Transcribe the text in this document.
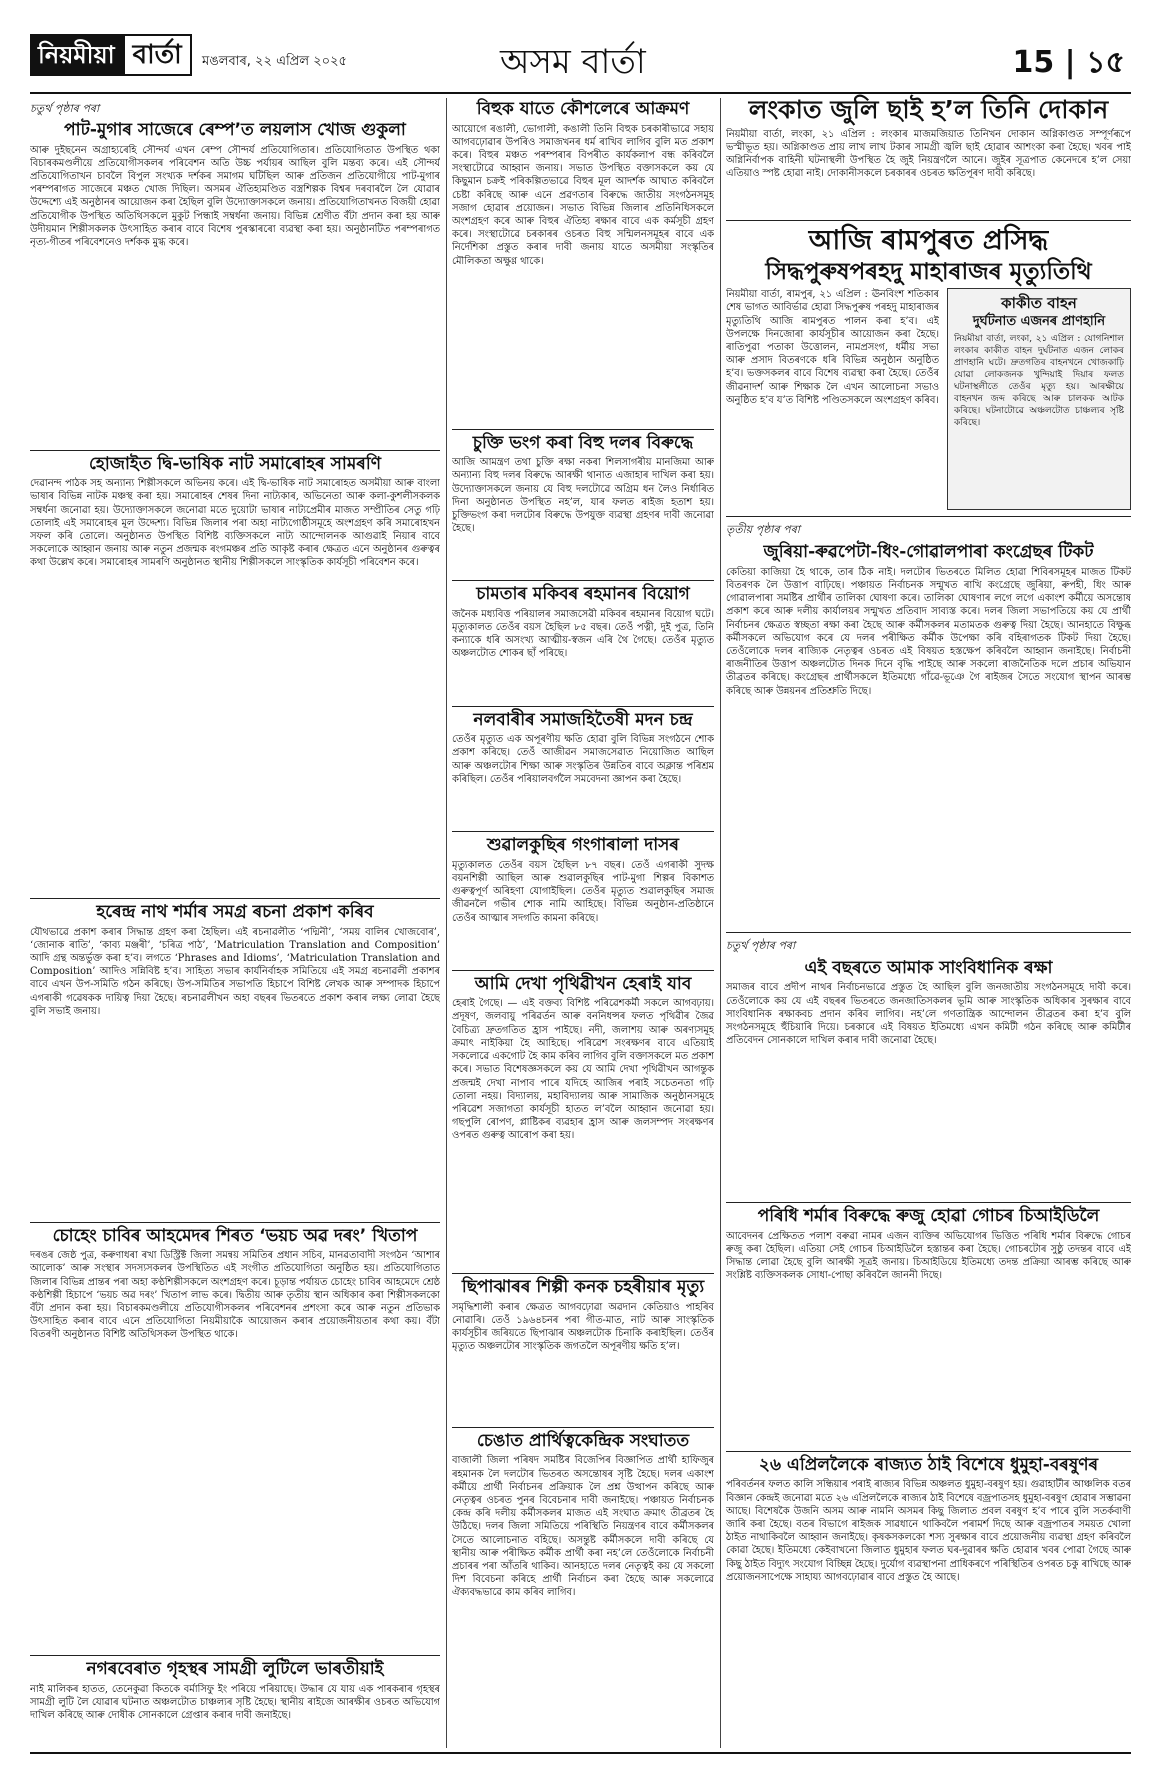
নিয়মীয়া বাৰ্তা	মঙলবাৰ, ২২ এপ্ৰিল ২০২৫	অসম বাৰ্তা	15 | ১৫
চতুৰ্থ পৃষ্ঠাৰ পৰা
পাট-মুগাৰ সাজেৰে ৰেম্প’ত লয়লাস খোজ গুকুলা
আৰু দুইছনেন অগ্ৰাহ্যৰেহি সৌন্দৰ্য এখন ৰেম্প সৌন্দৰ্য প্ৰতিযোগিতাৰ। প্ৰতিযোগিতাত উপস্থিত থকা বিচাৰকমণ্ডলীয়ে প্ৰতিযোগীসকলৰ পৰিবেশন অতি উচ্চ পৰ্যায়ৰ আছিল বুলি মন্তব্য কৰে। এই সৌন্দৰ্য প্ৰতিযোগিতাখন চাবলৈ বিপুল সংখ্যক দৰ্শকৰ সমাগম ঘটিছিল আৰু প্ৰতিজন প্ৰতিযোগীয়ে পাট-মুগাৰ পৰম্পৰাগত সাজেৰে মঞ্চত খোজ দিছিল। অসমৰ ঐতিহ্যমণ্ডিত বস্ত্ৰশিল্পক বিশ্বৰ দৰবাৰলৈ লৈ যোৱাৰ উদ্দেশ্যে এই অনুষ্ঠানৰ আয়োজন কৰা হৈছিল বুলি উদ্যোক্তাসকলে জনায়। প্ৰতিযোগিতাখনত বিজয়ী হোৱা প্ৰতিযোগীক উপস্থিত অতিথিসকলে মুকুট পিন্ধাই সম্বৰ্ধনা জনায়। বিভিন্ন শ্ৰেণীত বঁটা প্ৰদান কৰা হয় আৰু উদীয়মান শিল্পীসকলক উৎসাহিত কৰাৰ বাবে বিশেষ পুৰস্কাৰৰো ব্যৱস্থা কৰা হয়। অনুষ্ঠানটিত পৰম্পৰাগত নৃত্য-গীতৰ পৰিবেশনেও দৰ্শকক মুগ্ধ কৰে।
হোজাইত দ্বি-ভাষিক নাট সমাৰোহৰ সামৰণি
দেৱানন্দ পাঠক সহ অন্যান্য শিল্পীসকলে অভিনয় কৰে। এই দ্বি-ভাষিক নাট সমাৰোহত অসমীয়া আৰু বাংলা ভাষাৰ বিভিন্ন নাটক মঞ্চস্থ কৰা হয়। সমাৰোহৰ শেষৰ দিনা নাট্যকাৰ, অভিনেতা আৰু কলা-কুশলীসকলক সম্বৰ্ধনা জনোৱা হয়। উদ্যোক্তাসকলে জনোৱা মতে দুয়োটা ভাষাৰ নাট্যপ্ৰেমীৰ মাজত সম্প্ৰীতিৰ সেতু গঢ়ি তোলাই এই সমাৰোহৰ মূল উদ্দেশ্য। বিভিন্ন জিলাৰ পৰা অহা নাট্যগোষ্ঠীসমূহে অংশগ্ৰহণ কৰি সমাৰোহখন সফল কৰি তোলে। অনুষ্ঠানত উপস্থিত বিশিষ্ট ব্যক্তিসকলে নাট্য আন্দোলনক আগুৱাই নিয়াৰ বাবে সকলোকে আহ্বান জনায় আৰু নতুন প্ৰজন্মক ৰংগমঞ্চৰ প্ৰতি আকৃষ্ট কৰাৰ ক্ষেত্ৰত এনে অনুষ্ঠানৰ গুৰুত্বৰ কথা উল্লেখ কৰে। সমাৰোহৰ সামৰণি অনুষ্ঠানত স্থানীয় শিল্পীসকলে সাংস্কৃতিক কাৰ্যসূচী পৰিবেশন কৰে।
হৰেন্দ্ৰ নাথ শৰ্মাৰ সমগ্ৰ ৰচনা প্ৰকাশ কৰিব
যৌথভাৱে প্ৰকাশ কৰাৰ সিদ্ধান্ত গ্ৰহণ কৰা হৈছিল। এই ৰচনাৱলীত ‘পদ্মিনী’, ‘সময় বালিৰ খোজবোৰ’, ‘জোনাক ৰাতি’, ‘কাব্য মঞ্জৰী’, ‘চৰিত্ৰ পাঠ’, ‘Matriculation Translation and Composition’ আদি গ্ৰন্থ অন্তৰ্ভুক্ত কৰা হ’ব। লগতে ‘Phrases and Idioms’, ‘Matriculation Translation and Composition’ আদিও সন্নিবিষ্ট হ’ব। সাহিত্য সভাৰ কাৰ্যনিৰ্বাহক সমিতিয়ে এই সমগ্ৰ ৰচনাৱলী প্ৰকাশৰ বাবে এখন উপ-সমিতি গঠন কৰিছে। উপ-সমিতিৰ সভাপতি হিচাপে বিশিষ্ট লেখক আৰু সম্পাদক হিচাপে এগৰাকী গৱেষকক দায়িত্ব দিয়া হৈছে। ৰচনাৱলীখন অহা বছৰৰ ভিতৰতে প্ৰকাশ কৰাৰ লক্ষ্য লোৱা হৈছে বুলি সভাই জনায়।
চোহেং চাবিৰ আহমেদৰ শিৰত ‘ভয়চ অৱ দৰং’ খিতাপ
দৰঙৰ জেষ্ঠ পুত্ৰ, কৰুণাধৰা ৰখা ডিস্ট্ৰিক্ট জিলা সমন্বয় সমিতিৰ প্ৰধান সচিব, মানৱতাবাদী সংগঠন ‘আশাৰ আলোক’ আৰু সংস্থাৰ সদস্যসকলৰ উপস্থিতিত এই সংগীত প্ৰতিযোগিতা অনুষ্ঠিত হয়। প্ৰতিযোগিতাত জিলাৰ বিভিন্ন প্ৰান্তৰ পৰা অহা কণ্ঠশিল্পীসকলে অংশগ্ৰহণ কৰে। চূড়ান্ত পৰ্যায়ত চোহেং চাবিৰ আহমেদে শ্ৰেষ্ঠ কণ্ঠশিল্পী হিচাপে ‘ভয়চ অৱ দৰং’ খিতাপ লাভ কৰে। দ্বিতীয় আৰু তৃতীয় স্থান অধিকাৰ কৰা শিল্পীসকলকো বঁটা প্ৰদান কৰা হয়। বিচাৰকমণ্ডলীয়ে প্ৰতিযোগীসকলৰ পৰিবেশনৰ প্ৰশংসা কৰে আৰু নতুন প্ৰতিভাক উৎসাহিত কৰাৰ বাবে এনে প্ৰতিযোগিতা নিয়মীয়াকৈ আয়োজন কৰাৰ প্ৰয়োজনীয়তাৰ কথা কয়। বঁটা বিতৰণী অনুষ্ঠানত বিশিষ্ট অতিথিসকল উপস্থিত থাকে।
নগৰবেৰাত গৃহস্থৰ সামগ্ৰী লুটিলে ভাৰতীয়াই
নাই মালিকৰ হাতত, তেনেকুৱা কিতকে বৰ্মাসিফু ইং পৰিয়ে পৰিয়াছে। উদ্ধাৰ যে যায় এক পাৰকৰাৰ গৃহস্থৰ সামগ্ৰী লুটি লৈ যোৱাৰ ঘটনাত অঞ্চলটোত চাঞ্চল্যৰ সৃষ্টি হৈছে। স্থানীয় ৰাইজে আৰক্ষীৰ ওচৰত অভিযোগ দাখিল কৰিছে আৰু দোষীক সোনকালে গ্ৰেপ্তাৰ কৰাৰ দাবী জনাইছে।
বিহুক যাতে কৌশলেৰে আক্ৰমণ
আয়োগে ৰঙালী, ভোগালী, কঙালী তিনি বিহুক চৰকাৰীভাৱে সহায় আগবঢ়োৱাৰ উপৰিও সমাজখনৰ ধৰ্ম ৰাখিব লাগিব বুলি মত প্ৰকাশ কৰে। বিহুৰ মঞ্চত পৰম্পৰাৰ বিপৰীত কাৰ্যকলাপ বন্ধ কৰিবলৈ সংস্থাটোৱে আহ্বান জনায়। সভাত উপস্থিত বক্তাসকলে কয় যে কিছুমান চক্ৰই পৰিকল্পিতভাৱে বিহুৰ মূল আদৰ্শক আঘাত কৰিবলৈ চেষ্টা কৰিছে আৰু এনে প্ৰৱণতাৰ বিৰুদ্ধে জাতীয় সংগঠনসমূহ সজাগ হোৱাৰ প্ৰয়োজন। সভাত বিভিন্ন জিলাৰ প্ৰতিনিধিসকলে অংশগ্ৰহণ কৰে আৰু বিহুৰ ঐতিহ্য ৰক্ষাৰ বাবে এক কৰ্মসূচী গ্ৰহণ কৰে। সংস্থাটোৱে চৰকাৰৰ ওচৰত বিহু সন্মিলনসমূহৰ বাবে এক নিৰ্দেশিকা প্ৰস্তুত কৰাৰ দাবী জনায় যাতে অসমীয়া সংস্কৃতিৰ মৌলিকতা অক্ষুণ্ণ থাকে।
চুক্তি ভংগ কৰা বিহু দলৰ বিৰুদ্ধে
আজি আমন্ত্ৰণ তথা চুক্তি ৰক্ষা নকৰা শিলসাগৰীয় মানজিমা আৰু অন্যান্য বিহু দলৰ বিৰুদ্ধে আৰক্ষী থানাত এজাহাৰ দাখিল কৰা হয়। উদ্যোক্তাসকলে জনায় যে বিহু দলটোৱে অগ্ৰিম ধন লৈও নিৰ্ধাৰিত দিনা অনুষ্ঠানত উপস্থিত নহ’ল, যাৰ ফলত ৰাইজ হতাশ হয়। চুক্তিভংগ কৰা দলটোৰ বিৰুদ্ধে উপযুক্ত ব্যৱস্থা গ্ৰহণৰ দাবী জনোৱা হৈছে।
চামতাৰ মকিবৰ ৰহমানৰ বিয়োগ
জনৈক মধ্যবিত্ত পৰিয়ালৰ সমাজসেৱী মকিবৰ ৰহমানৰ বিয়োগ ঘটে। মৃত্যুকালত তেওঁৰ বয়স হৈছিল ৮৫ বছৰ। তেওঁ পত্নী, দুই পুত্ৰ, তিনি কন্যাকে ধৰি অসংখ্য আত্মীয়-স্বজন এৰি থৈ গৈছে। তেওঁৰ মৃত্যুত অঞ্চলটোত শোকৰ ছাঁ পৰিছে।
নলবাৰীৰ সমাজহিতৈষী মদন চন্দ্ৰ
তেওঁৰ মৃত্যুত এক অপূৰণীয় ক্ষতি হোৱা বুলি বিভিন্ন সংগঠনে শোক প্ৰকাশ কৰিছে। তেওঁ আজীৱন সমাজসেৱাত নিয়োজিত আছিল আৰু অঞ্চলটোৰ শিক্ষা আৰু সংস্কৃতিৰ উন্নতিৰ বাবে অক্লান্ত পৰিশ্ৰম কৰিছিল। তেওঁৰ পৰিয়ালবৰ্গলৈ সমবেদনা জ্ঞাপন কৰা হৈছে।
শুৱালকুছিৰ গংগাৰালা দাসৰ
মৃত্যুকালত তেওঁৰ বয়স হৈছিল ৮৭ বছৰ। তেওঁ এগৰাকী সুদক্ষ বয়নশিল্পী আছিল আৰু শুৱালকুছিৰ পাট-মুগা শিল্পৰ বিকাশত গুৰুত্বপূৰ্ণ অৰিহণা যোগাইছিল। তেওঁৰ মৃত্যুত শুৱালকুছিৰ সমাজ জীৱনলৈ গভীৰ শোক নামি আহিছে। বিভিন্ন অনুষ্ঠান-প্ৰতিষ্ঠানে তেওঁৰ আত্মাৰ সদগতি কামনা কৰিছে।
আমি দেখা পৃথিৱীখন হেৰাই যাব
হেৰাই গৈছে। — এই বক্তব্য বিশিষ্ট পৰিৱেশকৰ্মী সকলে আগবঢ়ায়। প্ৰদূষণ, জলবায়ু পৰিৱৰ্তন আৰু বননিধন্সৰ ফলত পৃথিৱীৰ জৈৱ বৈচিত্ৰ্য দ্ৰুতগতিত হ্ৰাস পাইছে। নদী, জলাশয় আৰু অৰণ্যসমূহ ক্ৰমাৎ নাইকিয়া হৈ আহিছে। পৰিৱেশ সংৰক্ষণৰ বাবে এতিয়াই সকলোৱে একগোট হৈ কাম কৰিব লাগিব বুলি বক্তাসকলে মত প্ৰকাশ কৰে। সভাত বিশেষজ্ঞসকলে কয় যে আমি দেখা পৃথিৱীখন আগন্তুক প্ৰজন্মই দেখা নাপাব পাৰে যদিহে আজিৰ পৰাই সচেতনতা গঢ়ি তোলা নহয়। বিদ্যালয়, মহাবিদ্যালয় আৰু সামাজিক অনুষ্ঠানসমূহে পৰিৱেশ সজাগতা কাৰ্যসূচী হাতত ল’বলৈ আহ্বান জনোৱা হয়। গছপুলি ৰোপণ, প্লাষ্টিকৰ ব্যৱহাৰ হ্ৰাস আৰু জলসম্পদ সংৰক্ষণৰ ওপৰত গুৰুত্ব আৰোপ কৰা হয়।
ছিপাঝাৰৰ শিল্পী কনক চহৰীয়াৰ মৃত্যু
সমৃদ্ধিশালী কৰাৰ ক্ষেত্ৰত আগবঢ়োৱা অৱদান কেতিয়াও পাহৰিব নোৱাৰি। তেওঁ ১৯৬৪চনৰ পৰা গীত-মাত, নাট আৰু সাংস্কৃতিক কাৰ্যসূচীৰ জৰিয়তে ছিপাঝাৰ অঞ্চলটোক চিনাকি কৰাইছিল। তেওঁৰ মৃত্যুত অঞ্চলটোৰ সাংস্কৃতিক জগতলৈ অপূৰণীয় ক্ষতি হ’ল।
চেঙাত প্ৰাৰ্থিত্বকেন্দ্ৰিক সংঘাতত
বাজালী জিলা পৰিষদ সমষ্টিৰ বিজেপিৰ বিজ্ঞাপিত প্ৰাৰ্থী হাফিজুৰ ৰহমানক লৈ দলটোৰ ভিতৰত অসন্তোষৰ সৃষ্টি হৈছে। দলৰ একাংশ কৰ্মীয়ে প্ৰাৰ্থী নিৰ্বাচনৰ প্ৰক্ৰিয়াক লৈ প্ৰশ্ন উত্থাপন কৰিছে আৰু নেতৃত্বৰ ওচৰত পুনৰ বিবেচনাৰ দাবী জনাইছে। পঞ্চায়ত নিৰ্বাচনক কেন্দ্ৰ কৰি দলীয় কৰ্মীসকলৰ মাজত এই সংঘাত ক্ৰমাৎ তীব্ৰতৰ হৈ উঠিছে। দলৰ জিলা সমিতিয়ে পৰিস্থিতি নিয়ন্ত্ৰণৰ বাবে কৰ্মীসকলৰ সৈতে আলোচনাত বহিছে। অসন্তুষ্ট কৰ্মীসকলে দাবী কৰিছে যে স্থানীয় আৰু পৰীক্ষিত কৰ্মীক প্ৰাৰ্থী কৰা নহ’লে তেওঁলোকে নিৰ্বাচনী প্ৰচাৰৰ পৰা আঁতৰি থাকিব। আনহাতে দলৰ নেতৃত্বই কয় যে সকলো দিশ বিবেচনা কৰিহে প্ৰাৰ্থী নিৰ্বাচন কৰা হৈছে আৰু সকলোৱে ঐক্যবদ্ধভাৱে কাম কৰিব লাগিব।
লংকাত জুলি ছাই হ’ল তিনি দোকান
নিয়মীয়া বাৰ্তা, লংকা, ২১ এপ্ৰিল : লংকাৰ মাজমজিয়াত তিনিখন দোকান অগ্নিকাণ্ডত সম্পূৰ্ণৰূপে ভস্মীভূত হয়। অগ্নিকাণ্ডত প্ৰায় লাখ লাখ টকাৰ সামগ্ৰী জ্বলি ছাই হোৱাৰ আশংকা কৰা হৈছে। খবৰ পাই অগ্নিনিৰ্বাপক বাহিনী ঘটনাস্থলী উপস্থিত হৈ জুই নিয়ন্ত্ৰণলৈ আনে। জুইৰ সূত্ৰপাত কেনেদৰে হ’ল সেয়া এতিয়াও স্পষ্ট হোৱা নাই। দোকানীসকলে চৰকাৰৰ ওচৰত ক্ষতিপূৰণ দাবী কৰিছে।
আজি ৰামপুৰত প্ৰসিদ্ধ
সিদ্ধপুৰুষপৰহদু মাহাৰাজৰ মৃত্যুতিথি
নিয়মীয়া বাৰ্তা, ৰামপুৰ, ২১ এপ্ৰিল : ঊনবিংশ শতিকাৰ শেষ ভাগত আবিৰ্ভাৱ হোৱা সিদ্ধপুৰুষ পৰহদু মাহাৰাজৰ মৃত্যুতিথি আজি ৰামপুৰত পালন কৰা হ’ব। এই উপলক্ষে দিনজোৰা কাৰ্যসূচীৰ আয়োজন কৰা হৈছে। ৰাতিপুৱা পতাকা উত্তোলন, নামপ্ৰসংগ, ধৰ্মীয় সভা আৰু প্ৰসাদ বিতৰণকে ধৰি বিভিন্ন অনুষ্ঠান অনুষ্ঠিত হ’ব। ভক্তসকলৰ বাবে বিশেষ ব্যৱস্থা কৰা হৈছে। তেওঁৰ জীৱনাদৰ্শ আৰু শিক্ষাক লৈ এখন আলোচনা সভাও অনুষ্ঠিত হ’ব য’ত বিশিষ্ট পণ্ডিতসকলে অংশগ্ৰহণ কৰিব।
কাকীত বাহন
দুৰ্ঘটনাত এজনৰ প্ৰাণহানি
নিয়মীয়া বাৰ্তা, লংকা, ২১ এপ্ৰিল : যোগনিশাল লংকাৰ কাকীত বাহন দুৰ্ঘটনাত এজন লোকৰ প্ৰাণহানি ঘটে। দ্ৰুতগতিৰ বাহনখনে খোজকাঢ়ি যোৱা লোকজনক খুন্দিয়াই দিয়াৰ ফলত ঘটনাস্থলীতে তেওঁৰ মৃত্যু হয়। আৰক্ষীয়ে বাহনখন জব্দ কৰিছে আৰু চালকক আটক কৰিছে। ঘটনাটোৱে অঞ্চলটোত চাঞ্চল্যৰ সৃষ্টি কৰিছে।
তৃতীয় পৃষ্ঠাৰ পৰা
জুৰিয়া-ৰুৱপেটা-ধিং-গোৱালপাৰা কংগ্ৰেছৰ টিকট
কেতিয়া কাজিয়া হৈ থাকে, তাৰ ঠিক নাই। দলটোৰ ভিতৰতে মিলিত হোৱা শিবিৰসমূহৰ মাজত টিকট বিতৰণক লৈ উত্তাপ বাঢ়িছে। পঞ্চায়ত নিৰ্বাচনক সন্মুখত ৰাখি কংগ্ৰেছে জুৰিয়া, ৰুপহী, ধিং আৰু গোৱালপাৰা সমষ্টিৰ প্ৰাৰ্থীৰ তালিকা ঘোষণা কৰে। তালিকা ঘোষণাৰ লগে লগে একাংশ কৰ্মীয়ে অসন্তোষ প্ৰকাশ কৰে আৰু দলীয় কাৰ্যালয়ৰ সন্মুখত প্ৰতিবাদ সাব্যস্ত কৰে। দলৰ জিলা সভাপতিয়ে কয় যে প্ৰাৰ্থী নিৰ্বাচনৰ ক্ষেত্ৰত স্বচ্ছতা ৰক্ষা কৰা হৈছে আৰু কৰ্মীসকলৰ মতামতক গুৰুত্ব দিয়া হৈছে। আনহাতে বিক্ষুব্ধ কৰ্মীসকলে অভিযোগ কৰে যে দলৰ পৰীক্ষিত কৰ্মীক উপেক্ষা কৰি বহিৰাগতক টিকট দিয়া হৈছে। তেওঁলোকে দলৰ ৰাজ্যিক নেতৃত্বৰ ওচৰত এই বিষয়ত হস্তক্ষেপ কৰিবলৈ আহ্বান জনাইছে। নিৰ্বাচনী ৰাজনীতিৰ উত্তাপ অঞ্চলটোত দিনক দিনে বৃদ্ধি পাইছে আৰু সকলো ৰাজনৈতিক দলে প্ৰচাৰ অভিযান তীব্ৰতৰ কৰিছে। কংগ্ৰেছৰ প্ৰাৰ্থীসকলে ইতিমধ্যে গাঁৱে-ভূঞে গৈ ৰাইজৰ সৈতে সংযোগ স্থাপন আৰম্ভ কৰিছে আৰু উন্নয়নৰ প্ৰতিশ্ৰুতি দিছে।
চতুৰ্থ পৃষ্ঠাৰ পৰা
এই বছৰতে আমাক সাংবিধানিক ৰক্ষা
সমাজৰ বাবে প্ৰদীপ নাথৰ নিৰ্বাচনভাৱে প্ৰস্তুত হৈ আছিল বুলি জনজাতীয় সংগঠনসমূহে দাবী কৰে। তেওঁলোকে কয় যে এই বছৰৰ ভিতৰতে জনজাতিসকলৰ ভূমি আৰু সাংস্কৃতিক অধিকাৰ সুৰক্ষাৰ বাবে সাংবিধানিক ৰক্ষাকবচ প্ৰদান কৰিব লাগিব। নহ’লে গণতান্ত্ৰিক আন্দোলন তীব্ৰতৰ কৰা হ’ব বুলি সংগঠনসমূহে হুঁচিয়াৰি দিয়ে। চৰকাৰে এই বিষয়ত ইতিমধ্যে এখন কমিটী গঠন কৰিছে আৰু কমিটীৰ প্ৰতিবেদন সোনকালে দাখিল কৰাৰ দাবী জনোৱা হৈছে।
পৰিধি শৰ্মাৰ বিৰুদ্ধে ৰুজু হোৱা গোচৰ চিআইডিলৈ
আবেদনৰ প্ৰেক্ষিতত পলাশ বৰুৱা নামৰ এজন ব্যক্তিৰ অভিযোগৰ ভিত্তিত পৰিধি শৰ্মাৰ বিৰুদ্ধে গোচৰ ৰুজু কৰা হৈছিল। এতিয়া সেই গোচৰ চিআইডিলৈ হস্তান্তৰ কৰা হৈছে। গোচৰটোৰ সুষ্ঠু তদন্তৰ বাবে এই সিদ্ধান্ত লোৱা হৈছে বুলি আৰক্ষী সূত্ৰই জনায়। চিআইডিয়ে ইতিমধ্যে তদন্ত প্ৰক্ৰিয়া আৰম্ভ কৰিছে আৰু সংশ্লিষ্ট ব্যক্তিসকলক সোধা-পোছা কৰিবলৈ জাননী দিছে।
২৬ এপ্ৰিললৈকে ৰাজ্যত ঠাই বিশেষে ধুমুহা-বৰষুণৰ
পৰিবৰ্তনৰ ফলত কালি সন্ধিয়াৰ পৰাই ৰাজ্যৰ বিভিন্ন অঞ্চলত ধুমুহা-বৰষুণ হয়। গুৱাহাটীৰ আঞ্চলিক বতৰ বিজ্ঞান কেন্দ্ৰই জনোৱা মতে ২৬ এপ্ৰিললৈকে ৰাজ্যৰ ঠাই বিশেষে বজ্ৰপাতসহ ধুমুহা-বৰষুণ হোৱাৰ সম্ভাৱনা আছে। বিশেষকৈ উজনি অসম আৰু নামনি অসমৰ কিছু জিলাত প্ৰবল বৰষুণ হ’ব পাৰে বুলি সতৰ্কবাণী জাৰি কৰা হৈছে। বতৰ বিভাগে ৰাইজক সাৱধানে থাকিবলৈ পৰামৰ্শ দিছে আৰু বজ্ৰপাতৰ সময়ত খোলা ঠাইত নাথাকিবলৈ আহ্বান জনাইছে। কৃষকসকলকো শস্য সুৰক্ষাৰ বাবে প্ৰয়োজনীয় ব্যৱস্থা গ্ৰহণ কৰিবলৈ কোৱা হৈছে। ইতিমধ্যে কেইবাখনো জিলাত ধুমুহাৰ ফলত ঘৰ-দুৱাৰৰ ক্ষতি হোৱাৰ খবৰ পোৱা গৈছে আৰু কিছু ঠাইত বিদ্যুৎ সংযোগ বিচ্ছিন্ন হৈছে। দুৰ্যোগ ব্যৱস্থাপনা প্ৰাধিকৰণে পৰিস্থিতিৰ ওপৰত চকু ৰাখিছে আৰু প্ৰয়োজনসাপেক্ষে সাহায্য আগবঢ়োৱাৰ বাবে প্ৰস্তুত হৈ আছে।
